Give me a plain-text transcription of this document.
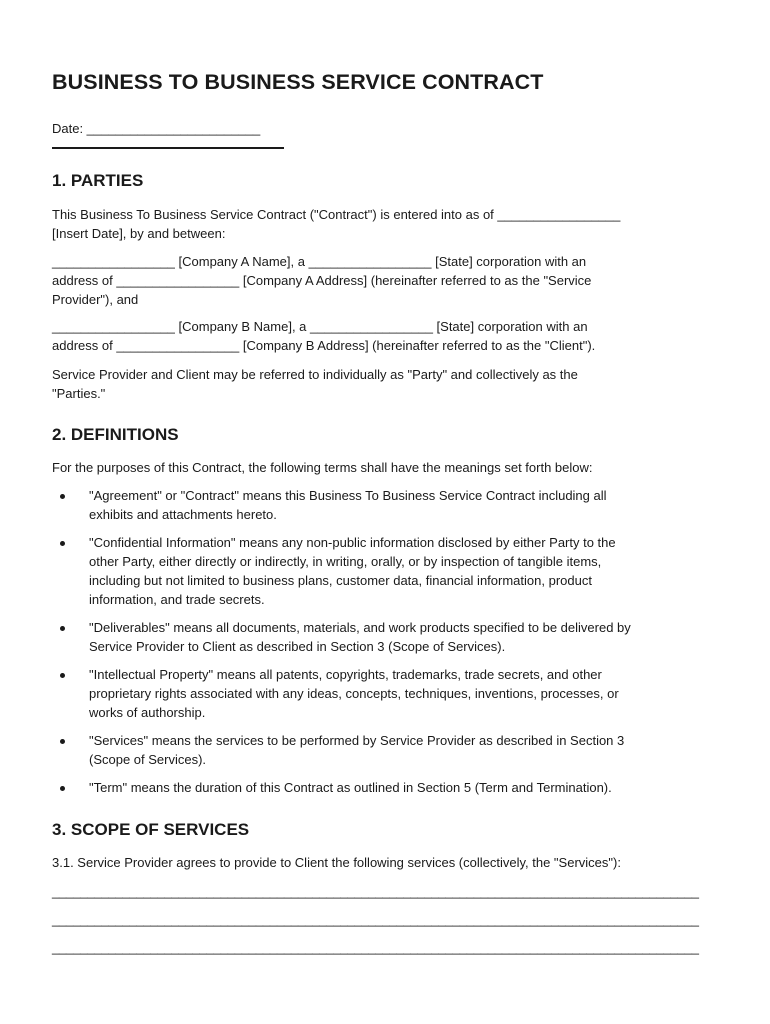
BUSINESS TO BUSINESS SERVICE CONTRACT
Date: ________________________
1. PARTIES

This Business To Business Service Contract ("Contract") is entered into as of _________________
[Insert Date], by and between:

_________________ [Company A Name], a _________________ [State] corporation with an
address of _________________ [Company A Address] (hereinafter referred to as the "Service
Provider"), and

_________________ [Company B Name], a _________________ [State] corporation with an
address of _________________ [Company B Address] (hereinafter referred to as the "Client").

Service Provider and Client may be referred to individually as "Party" and collectively as the
"Parties."

2. DEFINITIONS

For the purposes of this Contract, the following terms shall have the meanings set forth below:

"Agreement" or "Contract" means this Business To Business Service Contract including all
exhibits and attachments hereto.
"Confidential Information" means any non-public information disclosed by either Party to the
other Party, either directly or indirectly, in writing, orally, or by inspection of tangible items,
including but not limited to business plans, customer data, financial information, product
information, and trade secrets.
"Deliverables" means all documents, materials, and work products specified to be delivered by
Service Provider to Client as described in Section 3 (Scope of Services).
"Intellectual Property" means all patents, copyrights, trademarks, trade secrets, and other
proprietary rights associated with any ideas, concepts, techniques, inventions, processes, or
works of authorship.
"Services" means the services to be performed by Service Provider as described in Section 3
(Scope of Services).
"Term" means the duration of this Contract as outlined in Section 5 (Term and Termination).
3. SCOPE OF SERVICES

3.1. Service Provider agrees to provide to Client the following services (collectively, the "Services"):

____________________________________________________________________________________________
____________________________________________________________________________________________
____________________________________________________________________________________________
